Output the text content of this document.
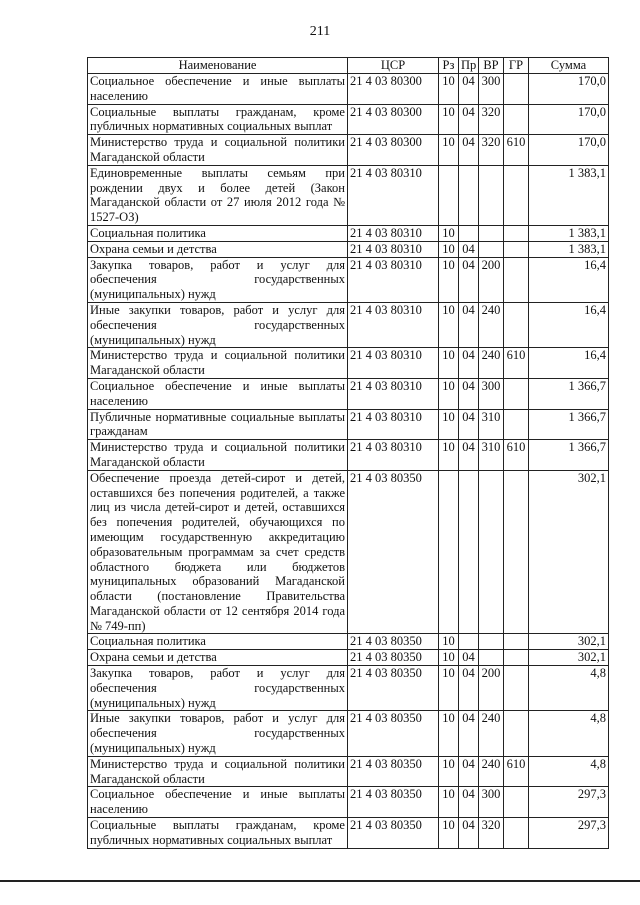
211
Наименование	ЦСР	Рз	Пр	ВР	ГР	Сумма
Социальное обеспечение и иные выплаты населению	21 4 03 80300	10	04	300		170,0
Социальные выплаты гражданам, кроме публичных нормативных социальных выплат	21 4 03 80300	10	04	320		170,0
Министерство труда и социальной политики Магаданской области	21 4 03 80300	10	04	320	610	170,0
Единовременные выплаты семьям при рождении двух и более детей (Закон Магаданской области от 27 июля 2012 года № 1527-ОЗ)	21 4 03 80310					1 383,1
Социальная политика	21 4 03 80310	10				1 383,1
Охрана семьи и детства	21 4 03 80310	10	04			1 383,1
Закупка товаров, работ и услуг для обеспечения государственных (муниципальных) нужд	21 4 03 80310	10	04	200		16,4
Иные закупки товаров, работ и услуг для обеспечения государственных (муниципальных) нужд	21 4 03 80310	10	04	240		16,4
Министерство труда и социальной политики Магаданской области	21 4 03 80310	10	04	240	610	16,4
Социальное обеспечение и иные выплаты населению	21 4 03 80310	10	04	300		1 366,7
Публичные нормативные социальные выплаты гражданам	21 4 03 80310	10	04	310		1 366,7
Министерство труда и социальной политики Магаданской области	21 4 03 80310	10	04	310	610	1 366,7
Обеспечение проезда детей-сирот и детей, оставшихся без попечения родителей, а также лиц из числа детей-сирот и детей, оставшихся без попечения родителей, обучающихся по имеющим государственную аккредитацию образовательным программам за счет средств областного бюджета или бюджетов муниципальных образований Магаданской области (постановление Правительства Магаданской области от 12 сентября 2014 года № 749-пп)	21 4 03 80350					302,1
Социальная политика	21 4 03 80350	10				302,1
Охрана семьи и детства	21 4 03 80350	10	04			302,1
Закупка товаров, работ и услуг для обеспечения государственных (муниципальных) нужд	21 4 03 80350	10	04	200		4,8
Иные закупки товаров, работ и услуг для обеспечения государственных (муниципальных) нужд	21 4 03 80350	10	04	240		4,8
Министерство труда и социальной политики Магаданской области	21 4 03 80350	10	04	240	610	4,8
Социальное обеспечение и иные выплаты населению	21 4 03 80350	10	04	300		297,3
Социальные выплаты гражданам, кроме публичных нормативных социальных выплат	21 4 03 80350	10	04	320		297,3
